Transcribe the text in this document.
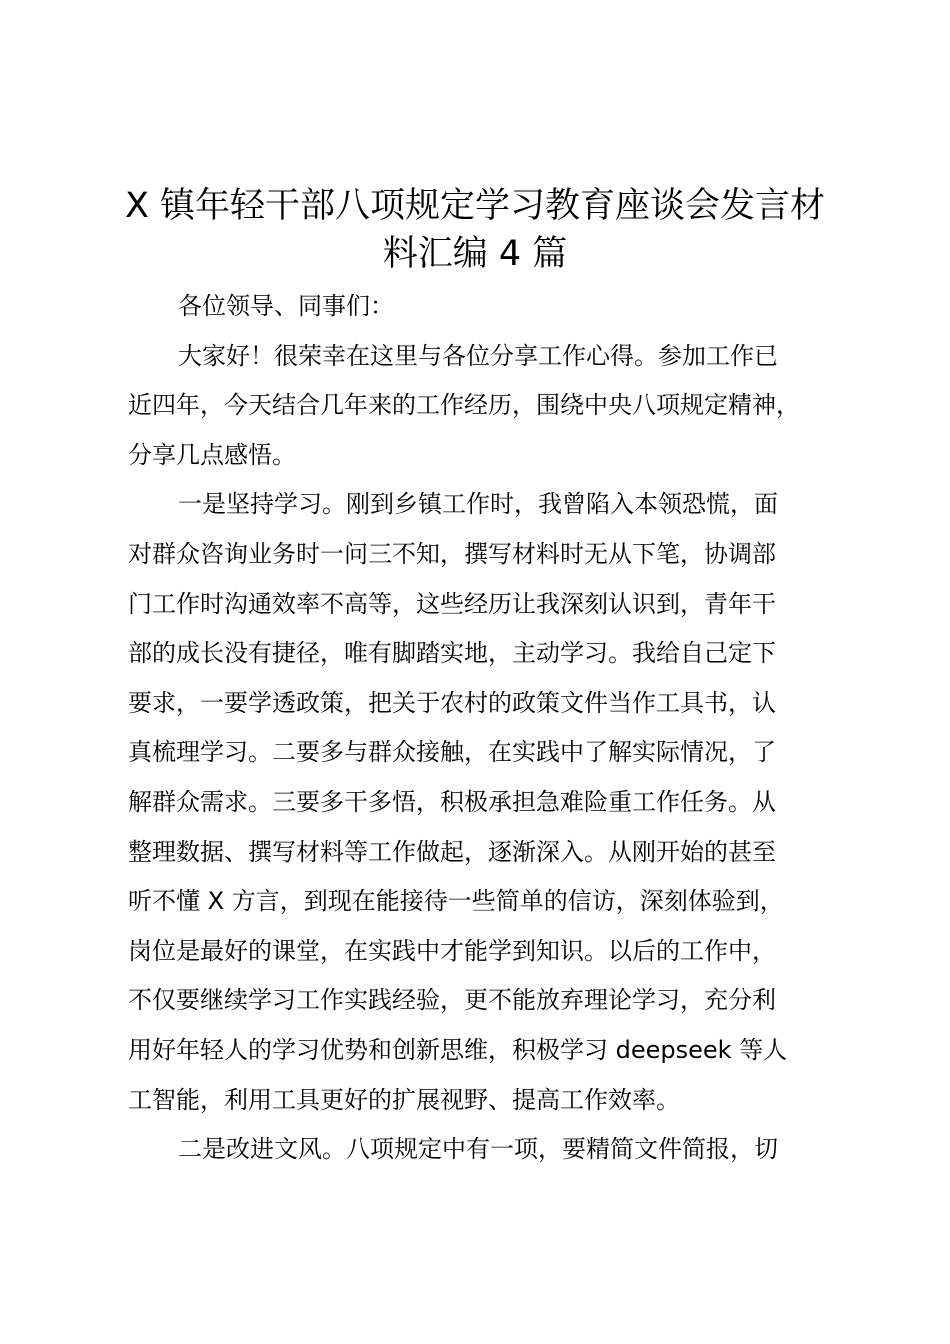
X 镇年轻干部八项规定学习教育座谈会发言材
料汇编 4 篇
各位领导、同事们：
大家好！很荣幸在这里与各位分享工作心得。参加工作已
近四年，今天结合几年来的工作经历，围绕中央八项规定精神，
分享几点感悟。
一是坚持学习。刚到乡镇工作时，我曾陷入本领恐慌，面
对群众咨询业务时一问三不知，撰写材料时无从下笔，协调部
门工作时沟通效率不高等，这些经历让我深刻认识到，青年干
部的成长没有捷径，唯有脚踏实地，主动学习。我给自己定下
要求，一要学透政策，把关于农村的政策文件当作工具书，认
真梳理学习。二要多与群众接触，在实践中了解实际情况，了
解群众需求。三要多干多悟，积极承担急难险重工作任务。从
整理数据、撰写材料等工作做起，逐渐深入。从刚开始的甚至
听不懂 X 方言，到现在能接待一些简单的信访，深刻体验到，
岗位是最好的课堂，在实践中才能学到知识。以后的工作中，
不仅要继续学习工作实践经验，更不能放弃理论学习，充分利
用好年轻人的学习优势和创新思维，积极学习 deepseek 等人
工智能，利用工具更好的扩展视野、提高工作效率。
二是改进文风。八项规定中有一项，要精简文件简报，切
